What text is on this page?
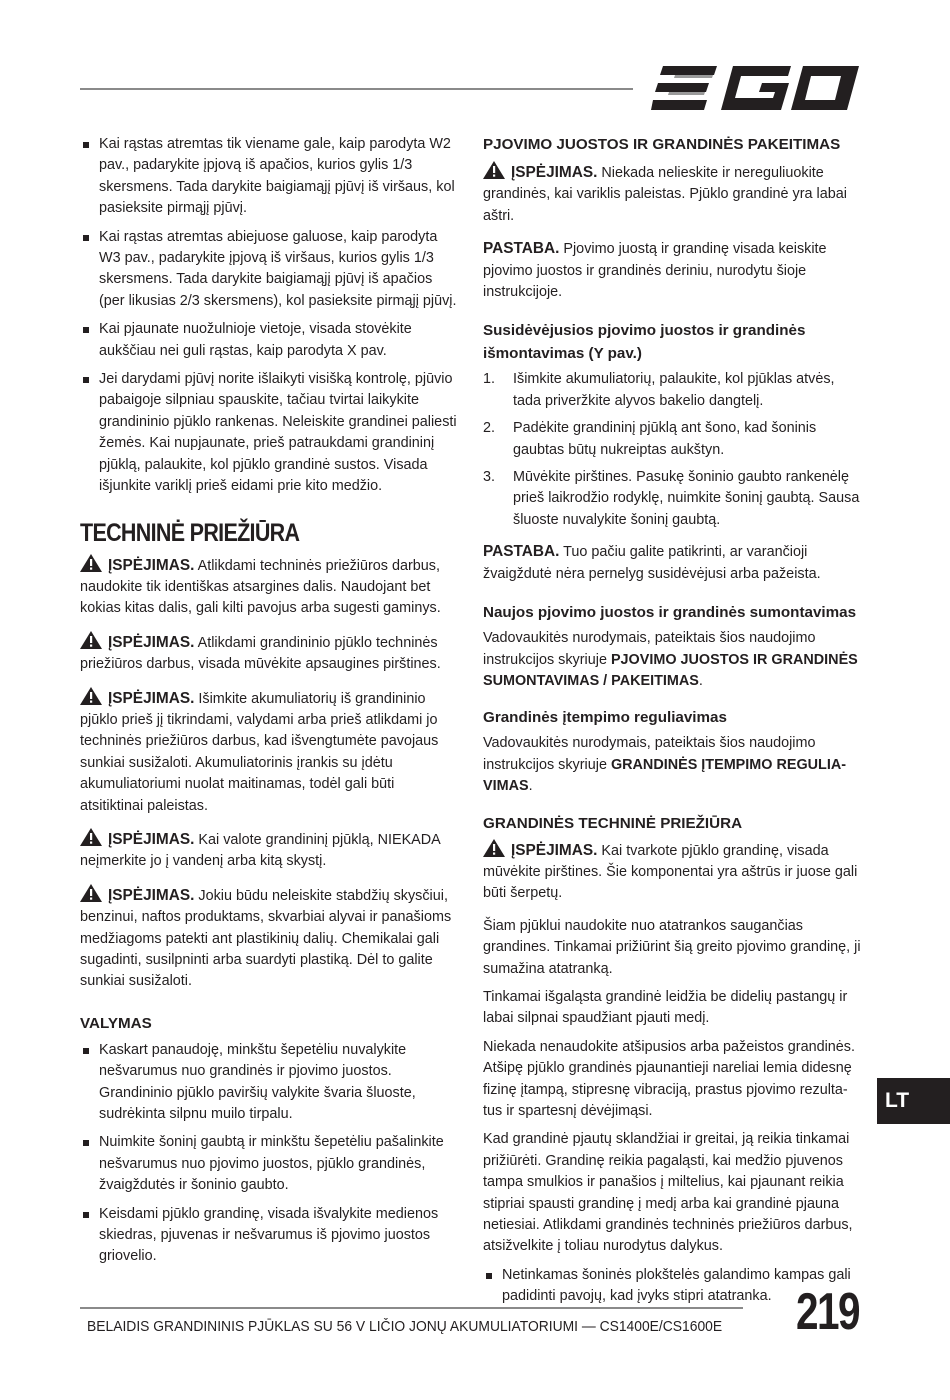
Kai rąstas atremtas tik viename gale, kaip parodyta W2 pav., padarykite įpjovą iš apačios, kurios gylis 1/3 skersmens. Tada darykite baigiamąjį pjūvį iš viršaus, kol pasieksite pirmąjį pjūvį.
Kai rąstas atremtas abiejuose galuose, kaip parodyta W3 pav., padarykite įpjovą iš viršaus, kurios gylis 1/3 skersmens. Tada darykite baigiamąjį pjūvį iš apačios (per likusias 2/3 skersmens), kol pasieksite pirmąjį pjūvį.
Kai pjaunate nuožulnioje vietoje, visada stovėkite aukščiau nei guli rąstas, kaip parodyta X pav.
Jei darydami pjūvį norite išlaikyti visišką kontrolę, pjūvio pabaigoje silpniau spauskite, tačiau tvirtai laikykite grandininio pjūklo rankenas. Neleiskite grandinei paliesti žemės. Kai nupjaunate, prieš patraukdami grandininį pjūklą, palaukite, kol pjūklo grandinė sustos. Visada išjunkite variklį prieš eidami prie kito medžio.
TECHNINĖ PRIEŽIŪRA

ĮSPĖJIMAS. Atlikdami techninės priežiūros darbus, naudokite tik identiškas atsargines dalis. Naudojant bet kokias kitas dalis, gali kilti pavojus arba sugesti gaminys.

ĮSPĖJIMAS. Atlikdami grandininio pjūklo techninės priežiūros darbus, visada mūvėkite apsaugines pirštines.

ĮSPĖJIMAS. Išimkite akumuliatorių iš grandininio pjūklo prieš jį tikrindami, valydami arba prieš atlikdami jo techninės priežiūros darbus, kad išvengtumėte pavojaus sunkiai susižaloti. Akumuliatorinis įrankis su įdėtu akumuliatoriumi nuolat maitinamas, todėl gali būti atsitiktinai paleistas.

ĮSPĖJIMAS. Kai valote grandininį pjūklą, NIEKADA neįmerkite jo į vandenį arba kitą skystį.

ĮSPĖJIMAS. Jokiu būdu neleiskite stabdžių skysčiui, benzinui, naftos produktams, skvarbiai alyvai ir panašioms medžiagoms patekti ant plastikinių dalių. Chemikalai gali sugadinti, susilpninti arba suardyti plastiką. Dėl to galite sunkiai susižaloti.

VALYMAS
Kaskart panaudoję, minkštu šepetėliu nuvalykite nešvarumus nuo grandinės ir pjovimo juostos. Grandininio pjūklo paviršių valykite švaria šluoste, sudrėkinta silpnu muilo tirpalu.
Nuimkite šoninį gaubtą ir minkštu šepetėliu pašalinkite nešvarumus nuo pjovimo juostos, pjūklo grandinės, žvaigždutės ir šoninio gaubto.
Keisdami pjūklo grandinę, visada išvalykite medienos skiedras, pjuvenas ir nešvarumus iš pjovimo juostos griovelio.
PJOVIMO JUOSTOS IR GRANDINĖS PAKEITIMAS

ĮSPĖJIMAS. Niekada nelieskite ir nereguliuokite grandinės, kai variklis paleistas. Pjūklo grandinė yra labai aštri.

PASTABA. Pjovimo juostą ir grandinę visada keiskite pjovimo juostos ir grandinės deriniu, nurodytu šioje instrukcijoje.

Susidėvėjusios pjovimo juostos ir grandinės išmontavimas (Y pav.)
1. Išimkite akumuliatorių, palaukite, kol pjūklas atvės, tada priveržkite alyvos bakelio dangtelį.
2. Padėkite grandininį pjūklą ant šono, kad šoninis gaubtas būtų nukreiptas aukštyn.
3. Mūvėkite pirštines. Pasukę šoninio gaubto rankenėlę prieš laikrodžio rodyklę, nuimkite šoninį gaubtą. Sausa šluoste nuvalykite šoninį gaubtą.

PASTABA. Tuo pačiu galite patikrinti, ar varančioji žvaigždutė nėra pernelyg susidėvėjusi arba pažeista.

Naujos pjovimo juostos ir grandinės sumontavimas

Vadovaukitės nurodymais, pateiktais šios naudojimo instrukcijos skyriuje PJOVIMO JUOSTOS IR GRANDINĖS SUMONTAVIMAS / PAKEITIMAS.

Grandinės įtempimo reguliavimas

Vadovaukitės nurodymais, pateiktais šios naudojimo instrukcijos skyriuje GRANDINĖS ĮTEMPIMO REGULIA-VIMAS.

GRANDINĖS TECHNINĖ PRIEŽIŪRA

ĮSPĖJIMAS. Kai tvarkote pjūklo grandinę, visada mūvėkite pirštines. Šie komponentai yra aštrūs ir juose gali būti šerpetų.

Šiam pjūklui naudokite nuo atatrankos saugančias grandines. Tinkamai prižiūrint šią greito pjovimo grandinę, ji sumažina atatranką.

Tinkamai išgaląsta grandinė leidžia be didelių pastangų ir labai silpnai spaudžiant pjauti medį.

Niekada nenaudokite atšipusios arba pažeistos grandinės. Atšipę pjūklo grandinės pjaunantieji nareliai lemia didesnę fizinę įtampą, stipresnę vibraciją, prastus pjovimo rezulta-tus ir spartesnį dėvėjimąsi.

Kad grandinė pjautų sklandžiai ir greitai, ją reikia tinkamai prižiūrėti. Grandinę reikia pagaląsti, kai medžio pjuvenos tampa smulkios ir panašios į miltelius, kai pjaunant reikia stipriai spausti grandinę į medį arba kai grandinė pjauna netiesiai. Atlikdami grandinės techninės priežiūros darbus, atsižvelkite į toliau nurodytus dalykus.

Netinkamas šoninės plokštelės galandimo kampas gali padidinti pavojų, kad įvyks stipri atatranka.
LT
BELAIDIS GRANDININIS PJŪKLAS SU 56 V LIČIO JONŲ AKUMULIATORIUMI — CS1400E/CS1600E 219
